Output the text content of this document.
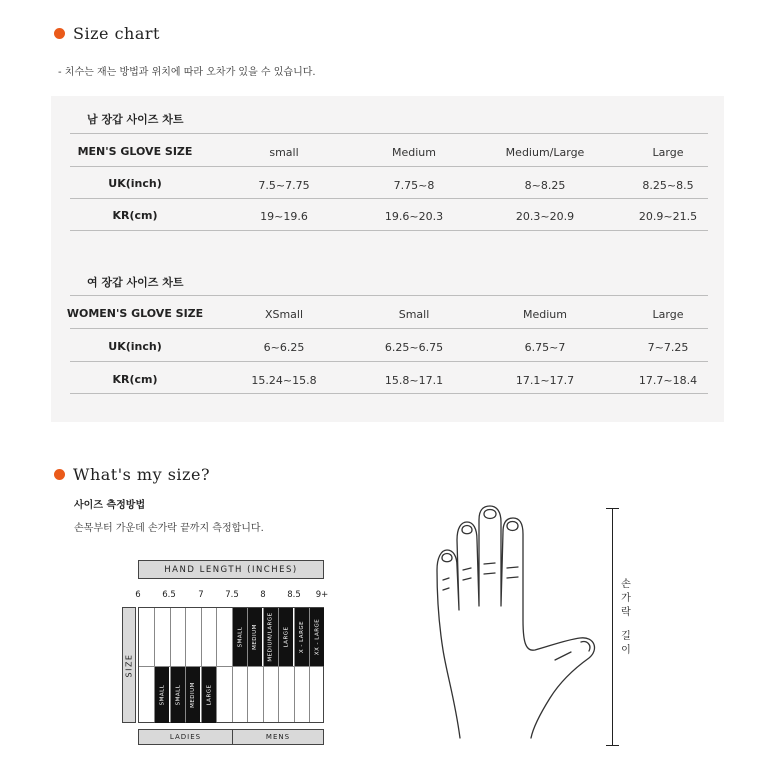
Size chart
- 치수는 재는 방법과 위치에 따라 오차가 있을 수 있습니다.
남 장갑 사이즈 차트
MEN'S GLOVE SIZE	small	Medium	Medium/Large	Large
UK(inch)	7.5~7.75	7.75~8	8~8.25	8.25~8.5
KR(cm)	19~19.6	19.6~20.3	20.3~20.9	20.9~21.5
여 장갑 사이즈 차트
WOMEN'S GLOVE SIZE	XSmall	Small	Medium	Large
UK(inch)	6~6.25	6.25~6.75	6.75~7	7~7.25
KR(cm)	15.24~15.8	15.8~17.1	17.1~17.7	17.7~18.4
What's my size?
사이즈 측정방법
손목부터 가운데 손가락 끝까지 측정합니다.
HAND LENGTH (INCHES)
6	6.5	7	7.5	8	8.5 9+
SIZE
SMALL MEDIUM MEDIUM/LARGE LARGE X - LARGE XX - LARGE
SMALL SMALL MEDIUM LARGE
LADIES	MENS
손
가
락
길
이
